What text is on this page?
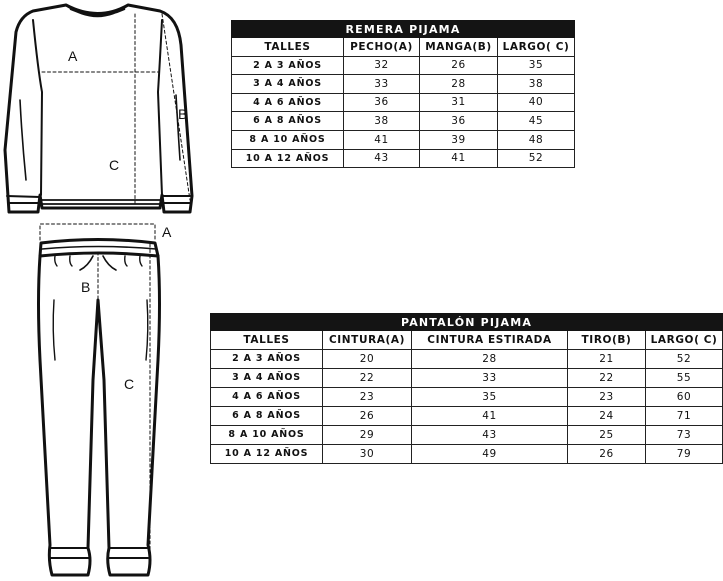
A
B
C
A
B
C
REMERA PIJAMA			
TALLES	PECHO(A)	MANGA(B)	LARGO( C)
2 A 3 AÑOS	32	26	35
3 A 4 AÑOS	33	28	38
4 A 6 AÑOS	36	31	40
6 A 8 AÑOS	38	36	45
8 A 10 AÑOS	41	39	48
10 A 12 AÑOS	43	41	52
PANTALÓN PIJAMA				
TALLES	CINTURA(A)	CINTURA ESTIRADA	TIRO(B)	LARGO( C)
2 A 3 AÑOS	20	28	21	52
3 A 4 AÑOS	22	33	22	55
4 A 6 AÑOS	23	35	23	60
6 A 8 AÑOS	26	41	24	71
8 A 10 AÑOS	29	43	25	73
10 A 12 AÑOS	30	49	26	79
